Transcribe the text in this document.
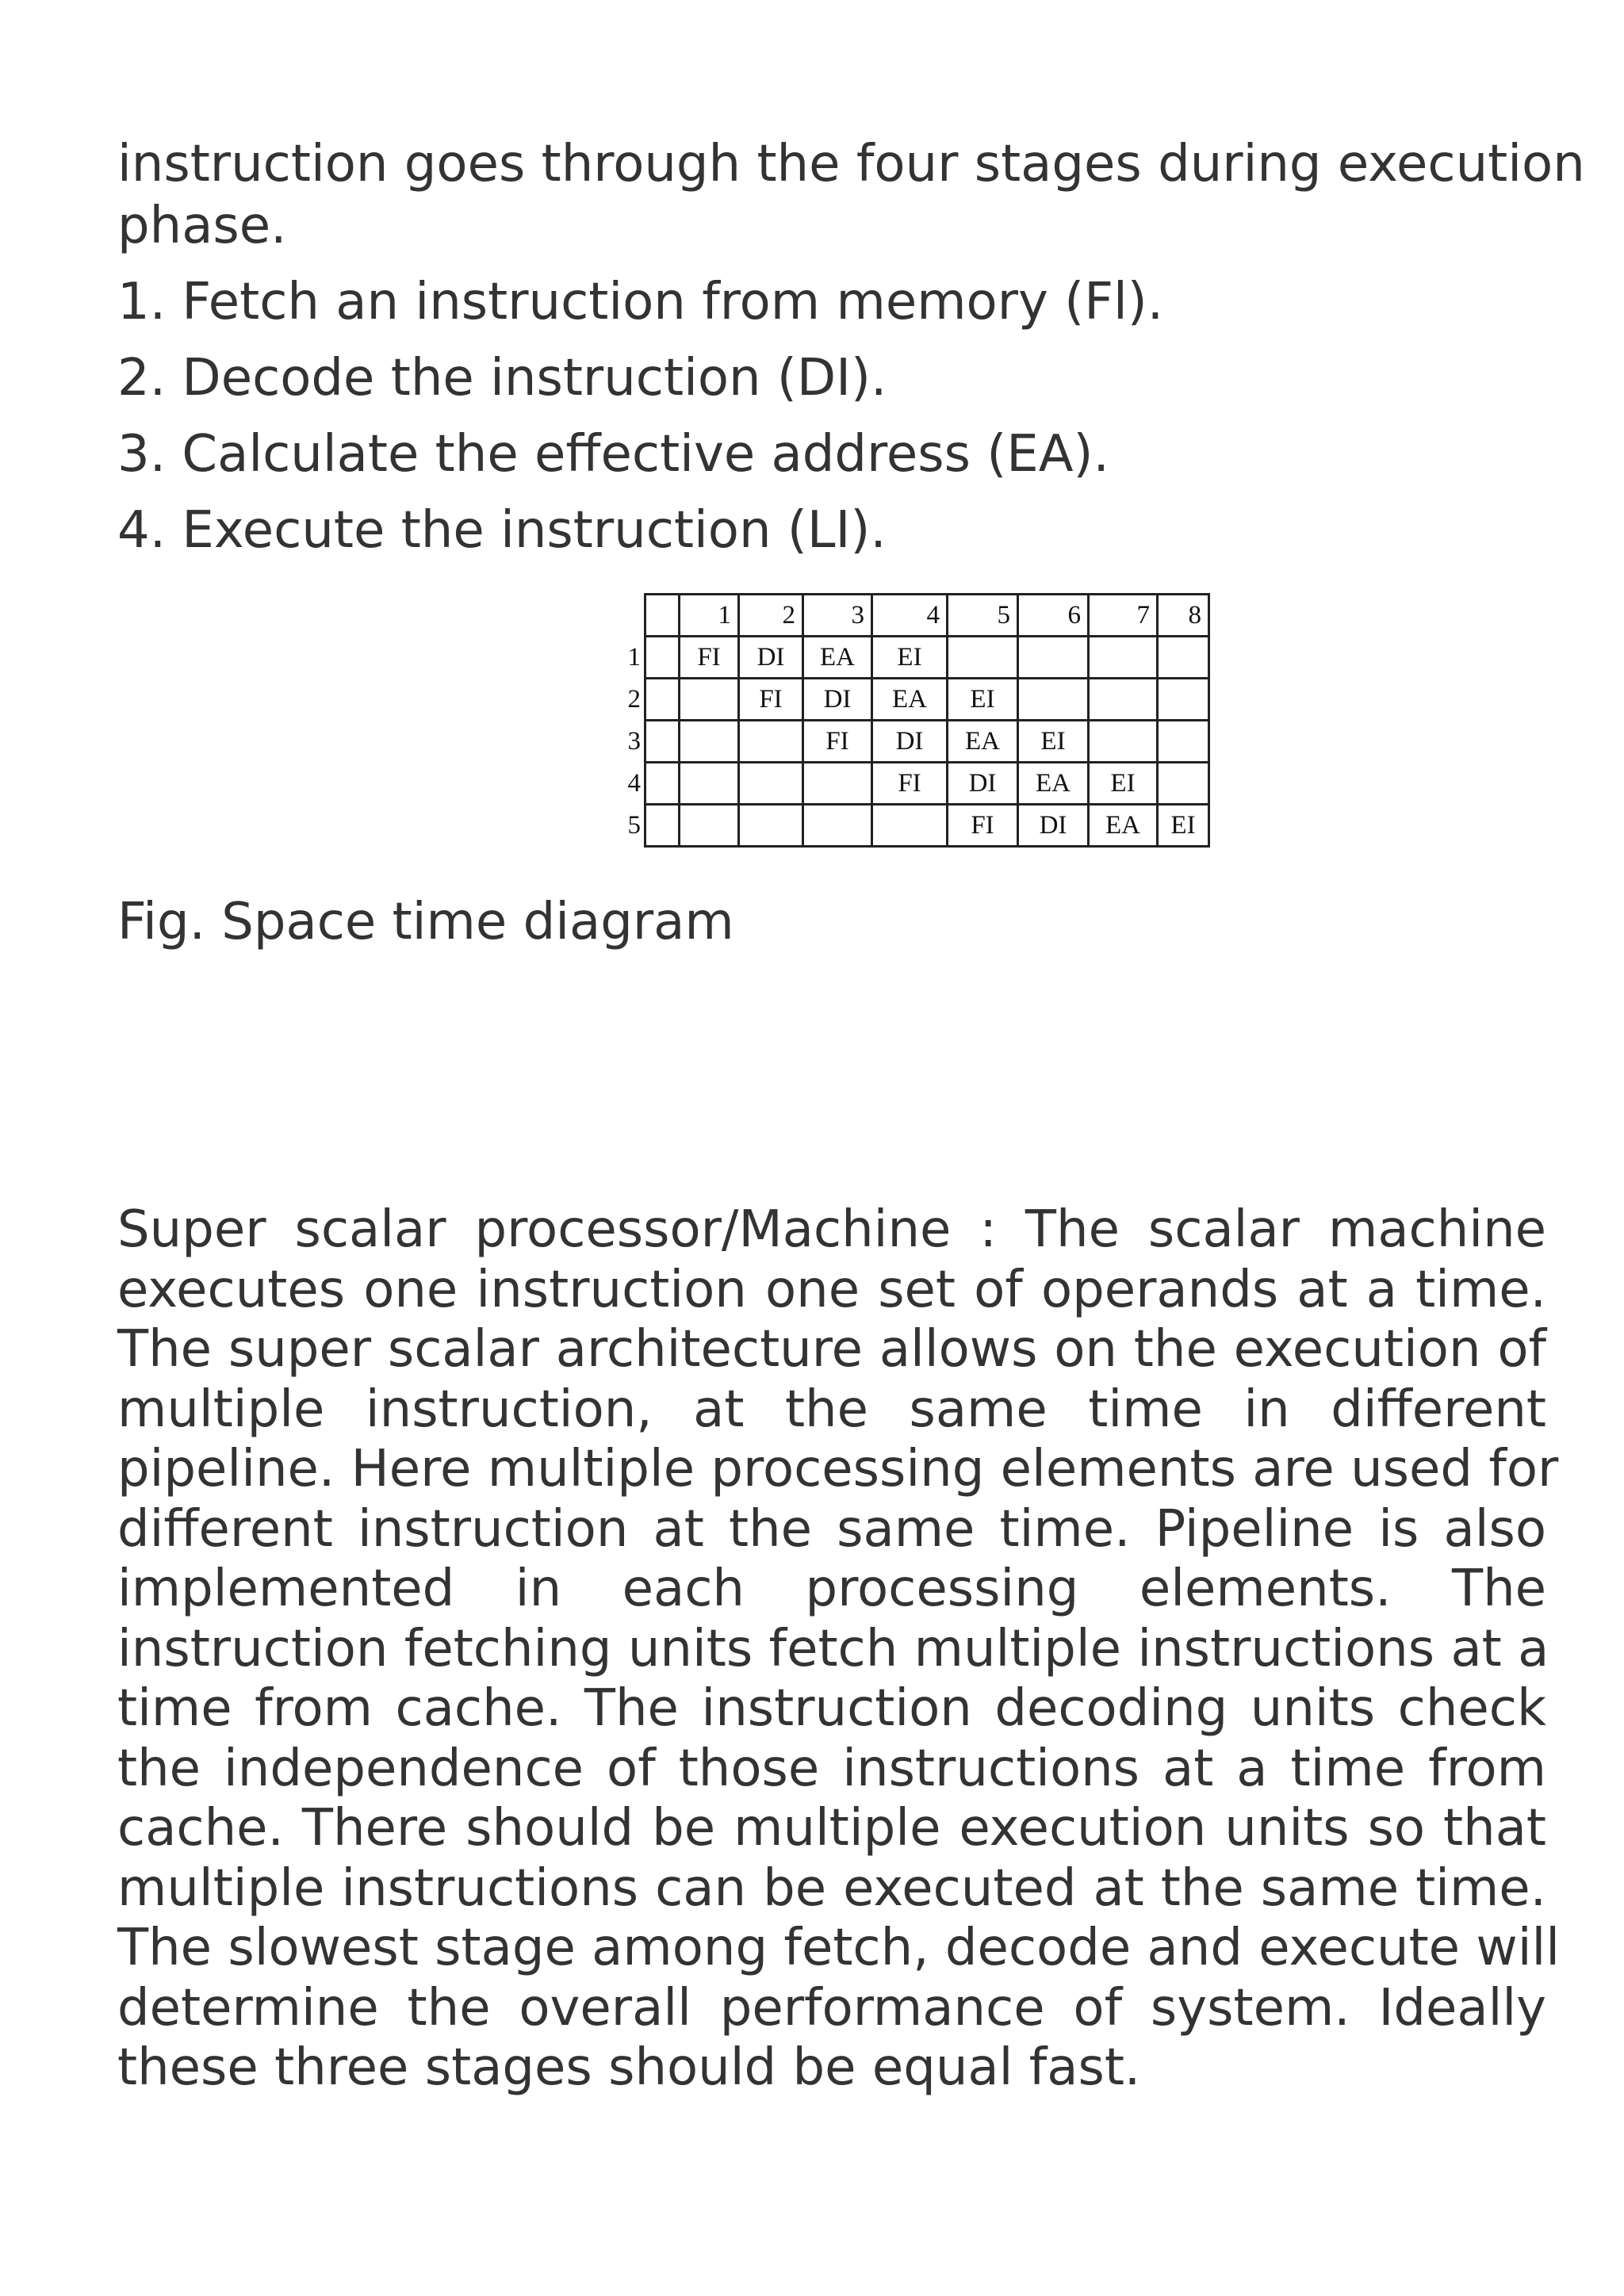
instruction goes through the four stages during execution

phase.

1. Fetch an instruction from memory (Fl).

2. Decode the instruction (DI).

3. Calculate the effective address (EA).

4. Execute the instruction (LI).

		1	2	3	4	5	6	7	8
1		FI	DI	EA	EI				
2			FI	DI	EA	EI			
3				FI	DI	EA	EI		
4					FI	DI	EA	EI	
5						FI	DI	EA	EI

Fig. Space time diagram

Super scalar processor/Machine : The scalar machine
executes one instruction one set of operands at a time.
The super scalar architecture allows on the execution of
multiple instruction, at the same time in different
pipeline. Here multiple processing elements are used for
different instruction at the same time. Pipeline is also
implemented in each processing elements. The
instruction fetching units fetch multiple instructions at a
time from cache. The instruction decoding units check
the independence of those instructions at a time from
cache. There should be multiple execution units so that
multiple instructions can be executed at the same time.
The slowest stage among fetch, decode and execute will
determine the overall performance of system. Ideally
these three stages should be equal fast.
